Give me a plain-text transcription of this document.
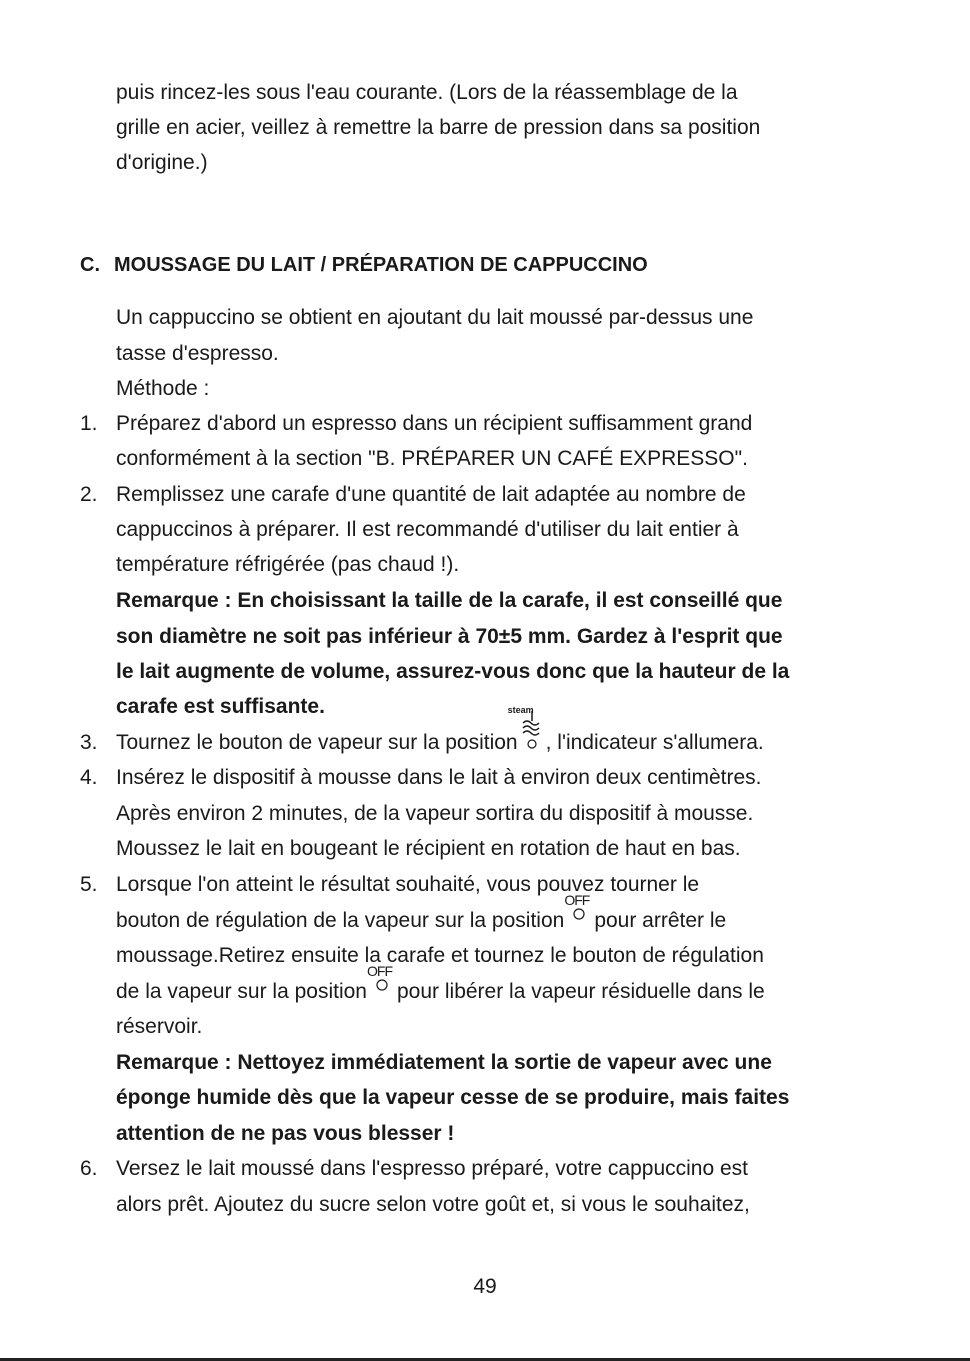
puis rincez-les sous l'eau courante. (Lors de la réassemblage de la
grille en acier, veillez à remettre la barre de pression dans sa position
d'origine.)
C. MOUSSAGE DU LAIT / PRÉPARATION DE CAPPUCCINO
Un cappuccino se obtient en ajoutant du lait moussé par-dessus une
tasse d'espresso.
Méthode :
1. Préparez d'abord un espresso dans un récipient suffisamment grand
conformément à la section "B. PRÉPARER UN CAFÉ EXPRESSO".
2. Remplissez une carafe d'une quantité de lait adaptée au nombre de
cappuccinos à préparer. Il est recommandé d'utiliser du lait entier à
température réfrigérée (pas chaud !).
Remarque : En choisissant la taille de la carafe, il est conseillé que
son diamètre ne soit pas inférieur à 70±5 mm. Gardez à l'esprit que
le lait augmente de volume, assurez-vous donc que la hauteur de la
carafe est suffisante.
3. Tournez le bouton de vapeur sur la position
steam
, l'indicateur s'allumera.
4. Insérez le dispositif à mousse dans le lait à environ deux centimètres.
Après environ 2 minutes, de la vapeur sortira du dispositif à mousse.
Moussez le lait en bougeant le récipient en rotation de haut en bas.
5. Lorsque l'on atteint le résultat souhaité, vous pouvez tourner le
bouton de régulation de la vapeur sur la position
OFF
pour arrêter le
moussage.Retirez ensuite la carafe et tournez le bouton de régulation
de la vapeur sur la position
OFF
pour libérer la vapeur résiduelle dans le
réservoir.
Remarque : Nettoyez immédiatement la sortie de vapeur avec une
éponge humide dès que la vapeur cesse de se produire, mais faites
attention de ne pas vous blesser !
6. Versez le lait moussé dans l'espresso préparé, votre cappuccino est
alors prêt. Ajoutez du sucre selon votre goût et, si vous le souhaitez,
49
